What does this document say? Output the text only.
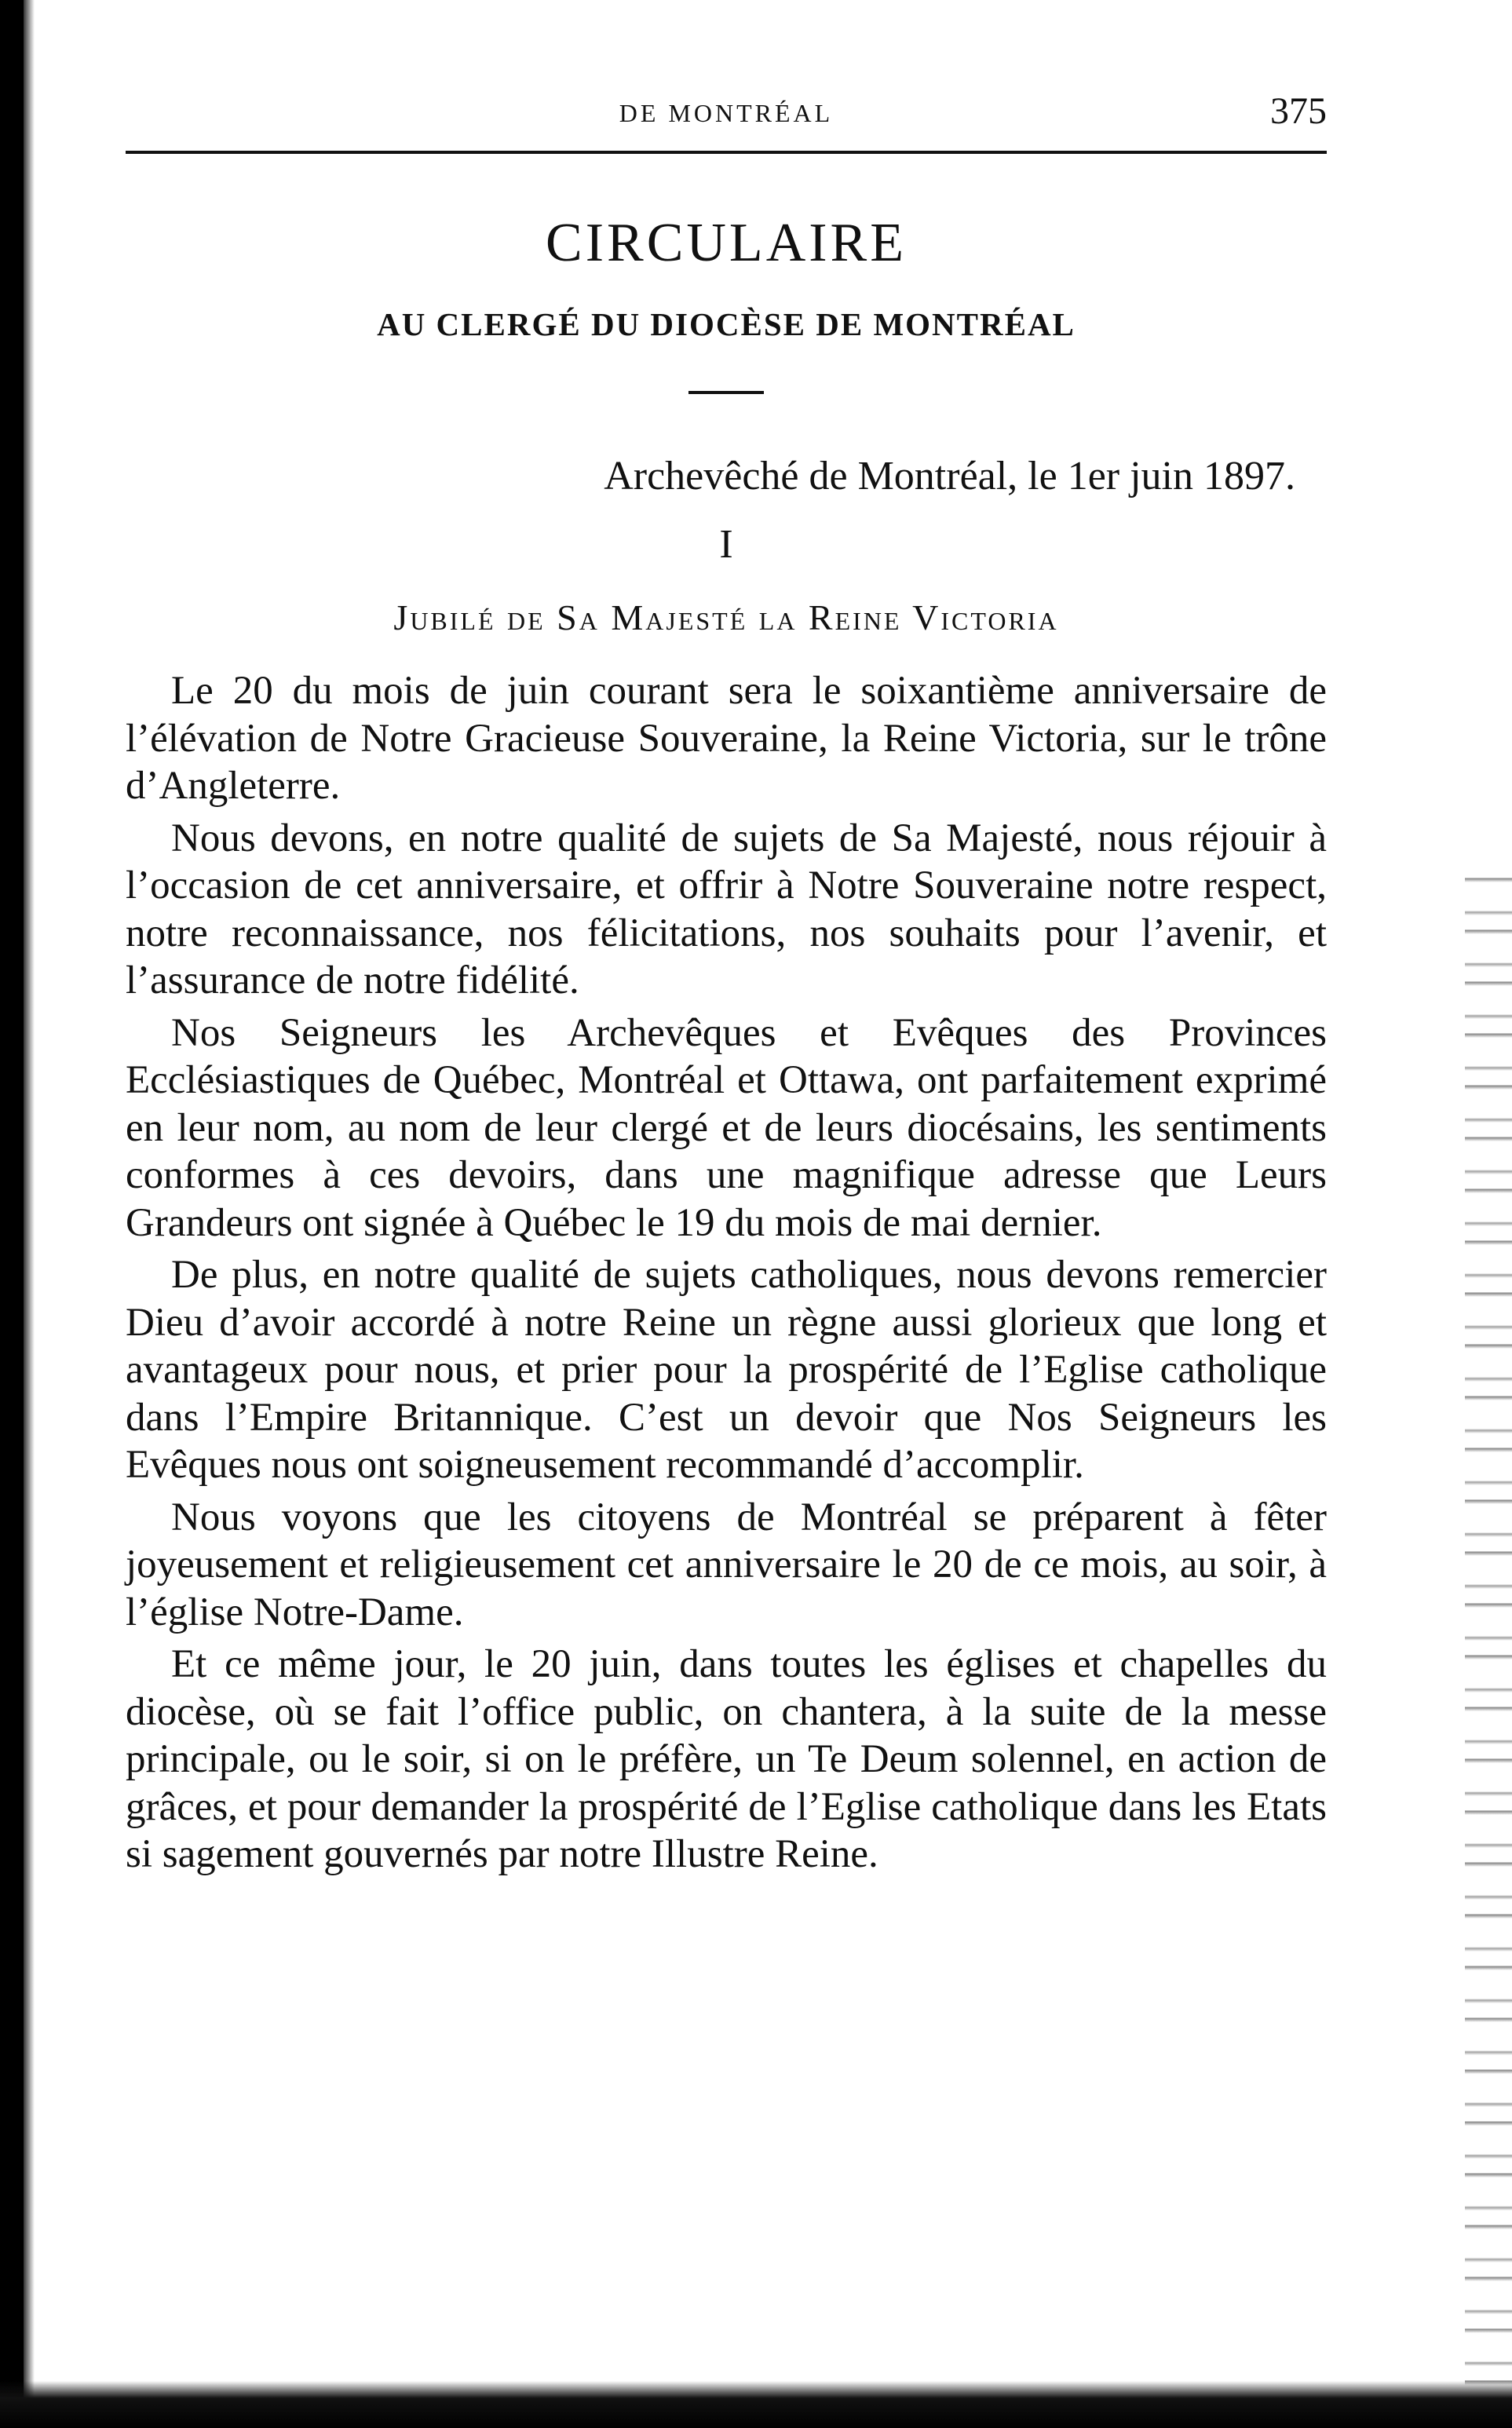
DE MONTRÉAL	375
CIRCULAIRE
AU CLERGÉ DU DIOCÈSE DE MONTRÉAL
Archevêché de Montréal, le 1er juin 1897.
I
Jubilé de Sa Majesté la Reine Victoria

Le 20 du mois de juin courant sera le soixantième anniversaire de l’élévation de Notre Gracieuse Souveraine, la Reine Victoria, sur le trône d’Angleterre.

Nous devons, en notre qualité de sujets de Sa Majesté, nous réjouir à l’occasion de cet anniversaire, et offrir à Notre Souveraine notre respect, notre reconnaissance, nos félicitations, nos souhaits pour l’avenir, et l’assurance de notre fidélité.

Nos Seigneurs les Archevêques et Evêques des Provinces Ecclésiastiques de Québec, Montréal et Ottawa, ont parfaitement exprimé en leur nom, au nom de leur clergé et de leurs diocésains, les sentiments conformes à ces devoirs, dans une magnifique adresse que Leurs Grandeurs ont signée à Québec le 19 du mois de mai dernier.

De plus, en notre qualité de sujets catholiques, nous devons remercier Dieu d’avoir accordé à notre Reine un règne aussi glorieux que long et avantageux pour nous, et prier pour la prospérité de l’Eglise catholique dans l’Empire Britannique. C’est un devoir que Nos Seigneurs les Evêques nous ont soigneusement recommandé d’accomplir.

Nous voyons que les citoyens de Montréal se préparent à fêter joyeusement et religieusement cet anniversaire le 20 de ce mois, au soir, à l’église Notre-Dame.

Et ce même jour, le 20 juin, dans toutes les églises et chapelles du diocèse, où se fait l’office public, on chantera, à la suite de la messe principale, ou le soir, si on le préfère, un Te Deum solennel, en action de grâces, et pour demander la prospérité de l’Eglise catholique dans les Etats si sagement gouvernés par notre Illustre Reine.
